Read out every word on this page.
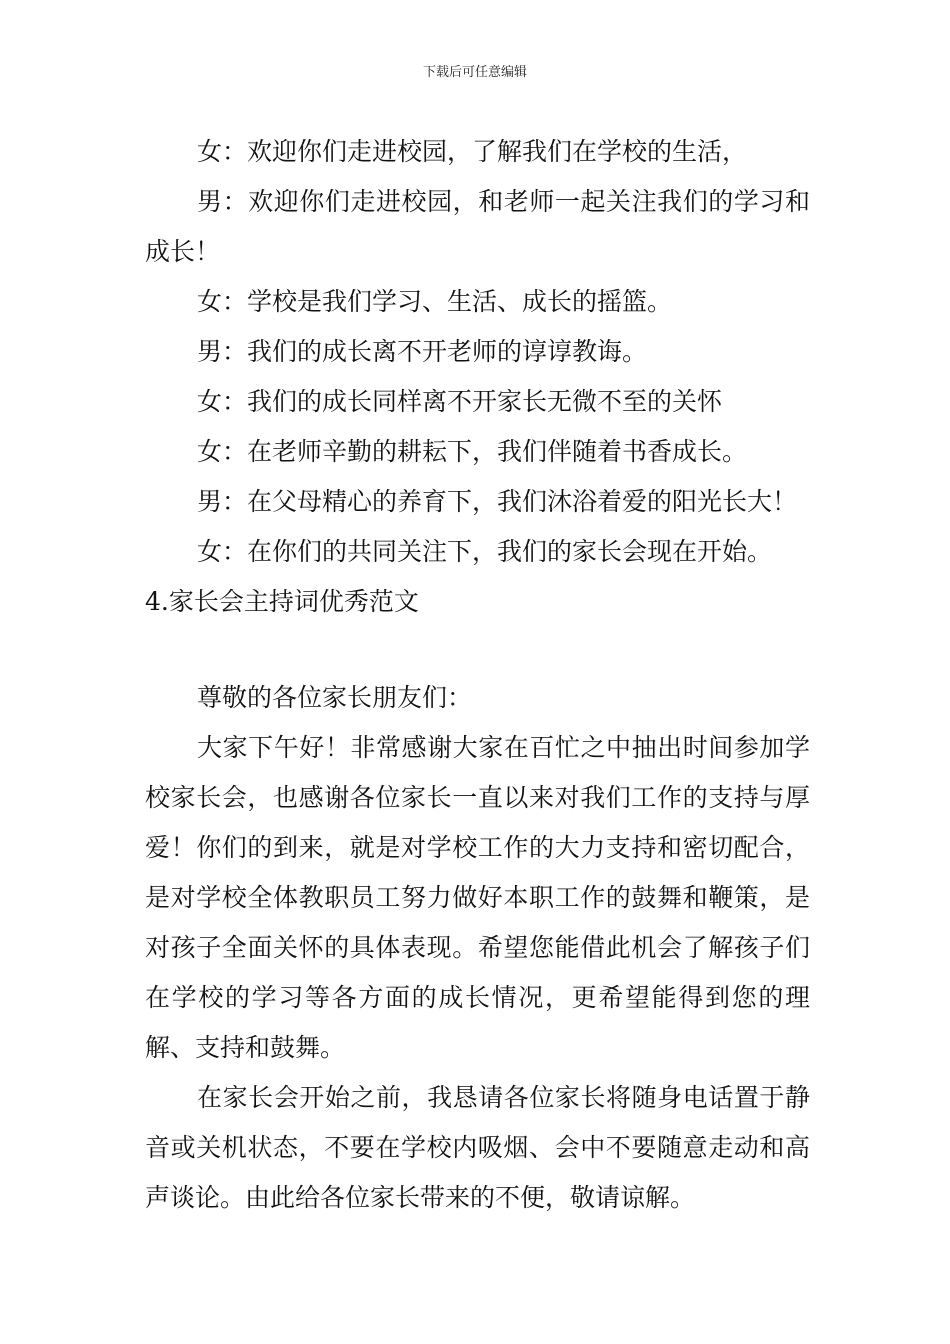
下载后可任意编辑
女：欢迎你们走进校园，了解我们在学校的生活，

男：欢迎你们走进校园，和老师一起关注我们的学习和成长！

女：学校是我们学习、生活、成长的摇篮。
男：我们的成长离不开老师的谆谆教诲。
女：我们的成长同样离不开家长无微不至的关怀
女：在老师辛勤的耕耘下，我们伴随着书香成长。
男：在父母精心的养育下，我们沐浴着爱的阳光长大！
女：在你们的共同关注下，我们的家长会现在开始。

4.家长会主持词优秀范文

尊敬的各位家长朋友们：

大家下午好！非常感谢大家在百忙之中抽出时间参加学校家长会，也感谢各位家长一直以来对我们工作的支持与厚爱！你们的到来，就是对学校工作的大力支持和密切配合，是对学校全体教职员工努力做好本职工作的鼓舞和鞭策，是对孩子全面关怀的具体表现。希望您能借此机会了解孩子们在学校的学习等各方面的成长情况，更希望能得到您的理解、支持和鼓舞。

在家长会开始之前，我恳请各位家长将随身电话置于静音或关机状态，不要在学校内吸烟、会中不要随意走动和高声谈论。由此给各位家长带来的不便，敬请谅解。
